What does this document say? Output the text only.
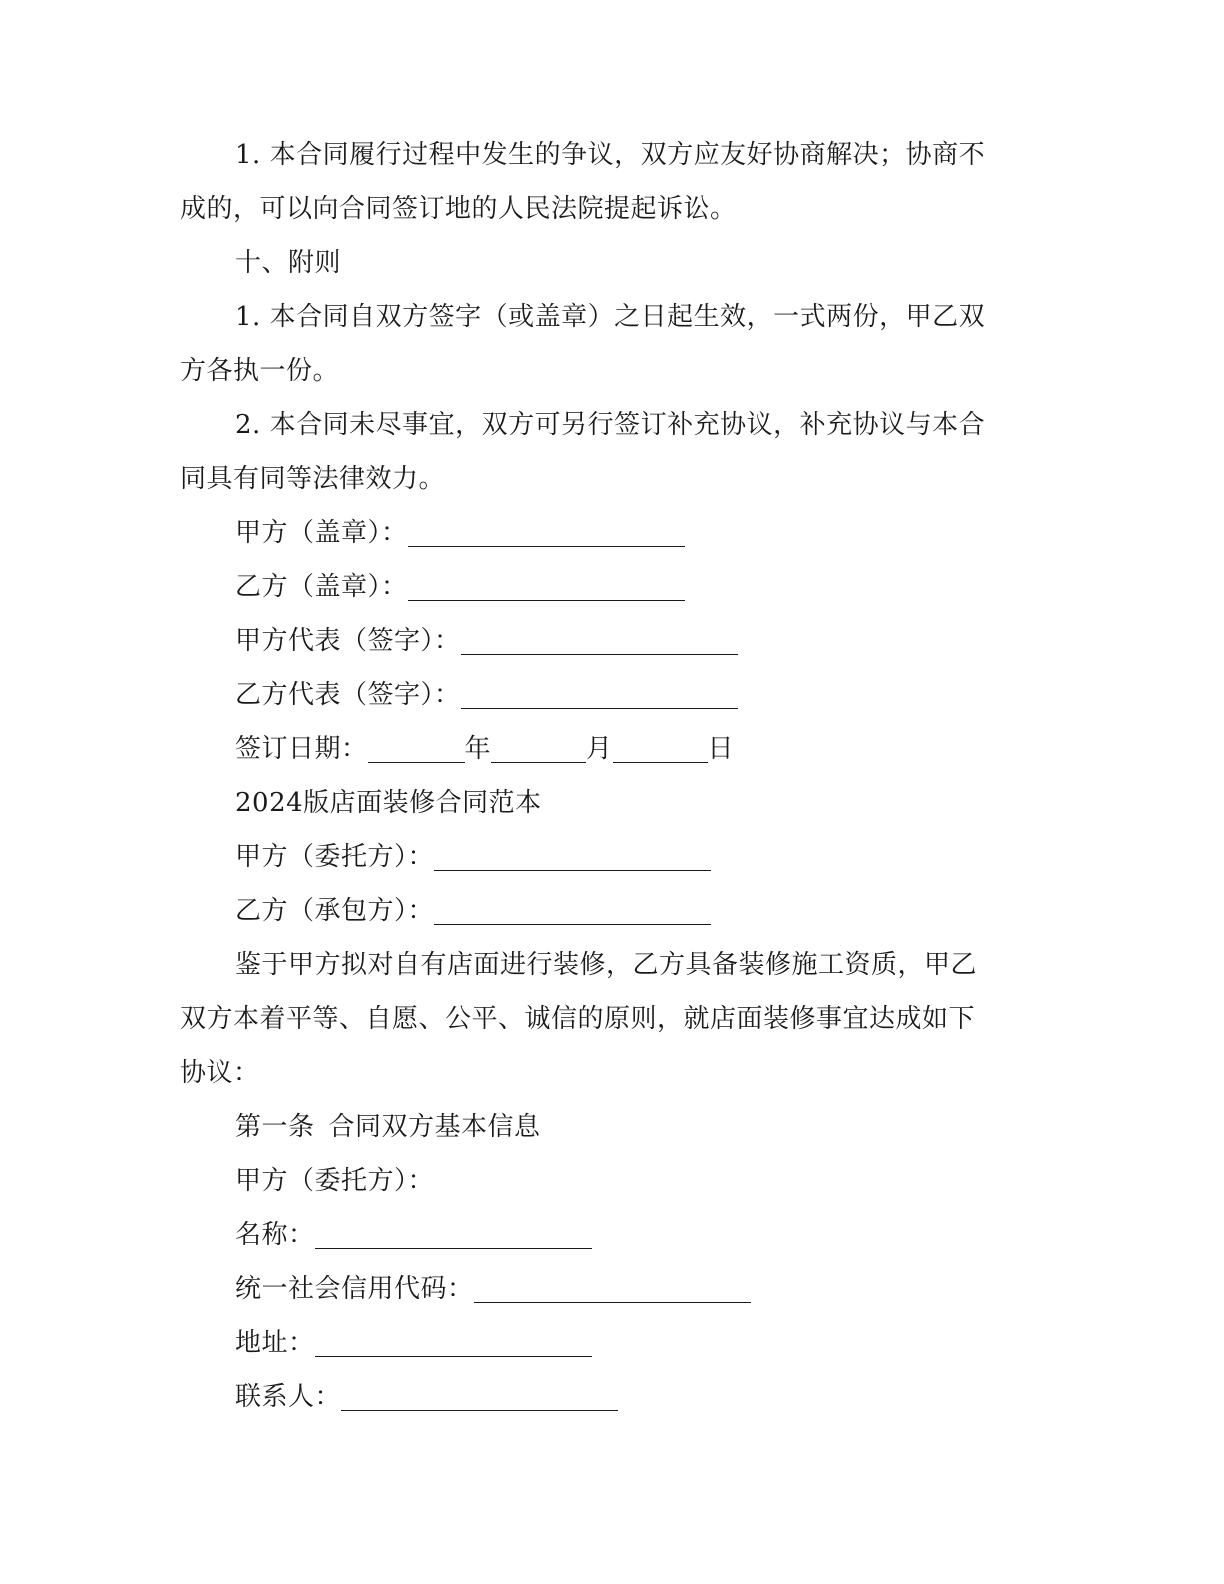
1. 本合同履行过程中发生的争议，双方应友好协商解决；协商不
成的，可以向合同签订地的人民法院提起诉讼。
十、附则
1. 本合同自双方签字（或盖章）之日起生效，一式两份，甲乙双
方各执一份。
2. 本合同未尽事宜，双方可另行签订补充协议，补充协议与本合
同具有同等法律效力。
甲方（盖章）：
乙方（盖章）：
甲方代表（签字）：
乙方代表（签字）：
签订日期：	年	月	日
2024版店面装修合同范本
甲方（委托方）：
乙方（承包方）：
鉴于甲方拟对自有店面进行装修，乙方具备装修施工资质，甲乙
双方本着平等、自愿、公平、诚信的原则，就店面装修事宜达成如下
协议：
第一条 合同双方基本信息
甲方（委托方）：
名称：
统一社会信用代码：
地址：
联系人：
